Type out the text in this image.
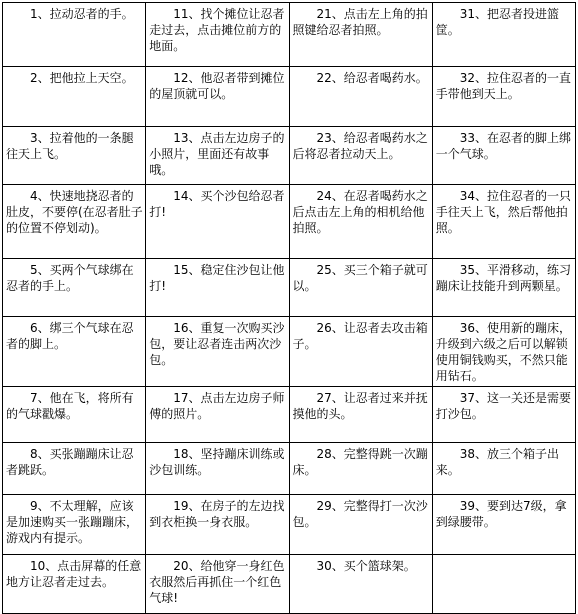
1、拉动忍者的手。	11、找个摊位让忍者走过去，点击摊位前方的地面。	21、点击左上角的拍照键给忍者拍照。	31、把忍者投进篮筐。
2、把他拉上天空。	12、他忍者带到摊位的屋顶就可以。	22、给忍者喝药水。	32、拉住忍者的一直手带他到天上。
3、拉着他的一条腿往天上飞。	13、点击左边房子的小照片，里面还有故事哦。	23、给忍者喝药水之后将忍者拉动天上。	33、在忍者的脚上绑一个气球。
4、快速地挠忍者的肚皮，不要停(在忍者肚子的位置不停划动)。	14、买个沙包给忍者打!	24、在忍者喝药水之后点击左上角的相机给他拍照。	34、拉住忍者的一只手往天上飞，然后帮他拍照。
5、买两个气球绑在忍者的手上。	15、稳定住沙包让他打!	25、买三个箱子就可以。	35、平滑移动，练习蹦床让技能升到两颗星。
6、绑三个气球在忍者的脚上。	16、重复一次购买沙包，要让忍者连击两次沙包。	26、让忍者去攻击箱子。	36、使用新的蹦床，升级到六级之后可以解锁使用铜钱购买，不然只能用钻石。
7、他在飞，将所有的气球戳爆。	17、点击左边房子师傅的照片。	27、让忍者过来并抚摸他的头。	37、这一关还是需要打沙包。
8、买张蹦蹦床让忍者跳跃。	18、坚持蹦床训练或沙包训练。	28、完整得跳一次蹦床。	38、放三个箱子出来。
9、不太理解，应该是加速购买一张蹦蹦床，游戏内有提示。	19、在房子的左边找到衣柜换一身衣服。	29、完整得打一次沙包。	39、要到达7级，拿到绿腰带。
10、点击屏幕的任意地方让忍者走过去。	20、给他穿一身红色衣服然后再抓住一个红色气球!	30、买个篮球架。	
